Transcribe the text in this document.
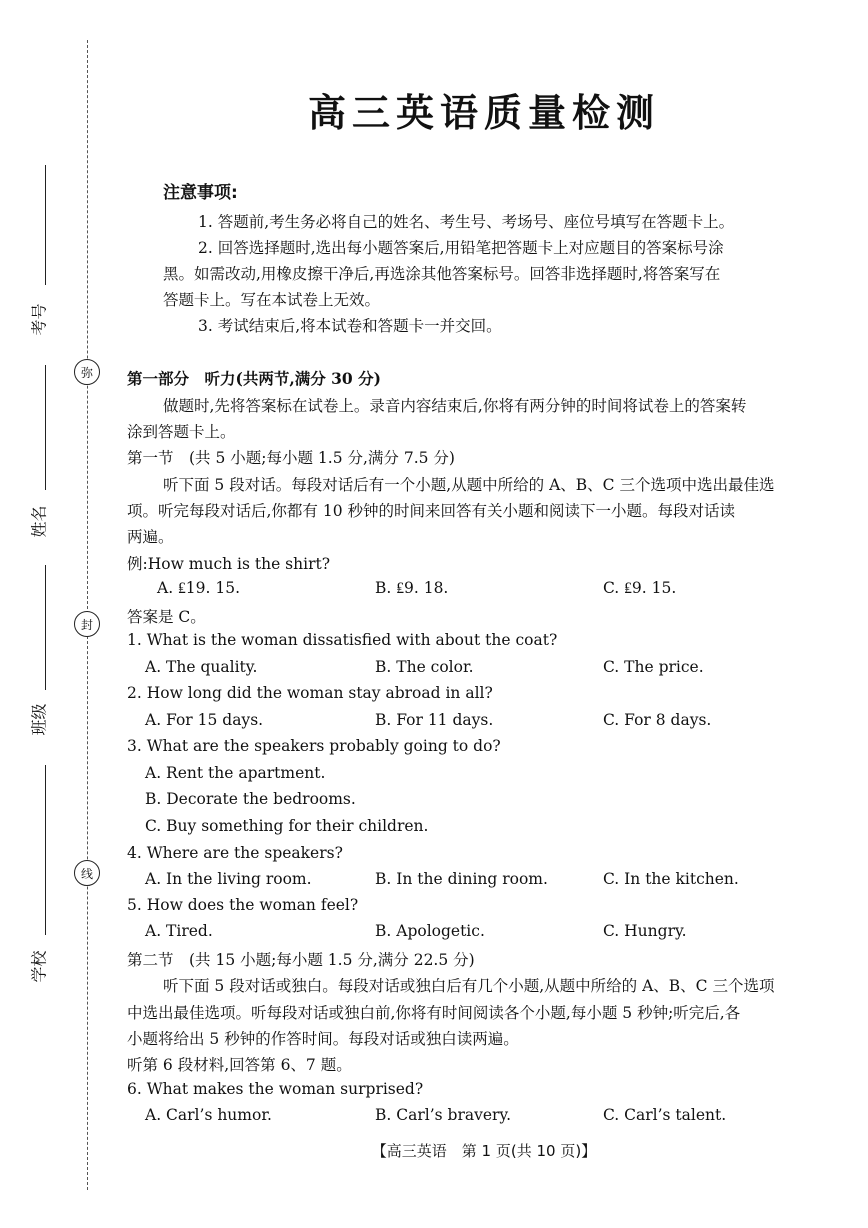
弥
封
线
考号
姓名
班级
学校
高三英语质量检测
注意事项:
1. 答题前,考生务必将自己的姓名、考生号、考场号、座位号填写在答题卡上。
2. 回答选择题时,选出每小题答案后,用铅笔把答题卡上对应题目的答案标号涂
黑。如需改动,用橡皮擦干净后,再选涂其他答案标号。回答非选择题时,将答案写在
答题卡上。写在本试卷上无效。
3. 考试结束后,将本试卷和答题卡一并交回。
第一部分　听力(共两节,满分 30 分)
做题时,先将答案标在试卷上。录音内容结束后,你将有两分钟的时间将试卷上的答案转
涂到答题卡上。
第一节　(共 5 小题;每小题 1.5 分,满分 7.5 分)
听下面 5 段对话。每段对话后有一个小题,从题中所给的 A、B、C 三个选项中选出最佳选
项。听完每段对话后,你都有 10 秒钟的时间来回答有关小题和阅读下一小题。每段对话读
两遍。
例:How much is the shirt?
A. ₤19. 15.	B. ₤9. 18.	C. ₤9. 15.
答案是 C。
1. What is the woman dissatisfied with about the coat?
A. The quality.	B. The color.	C. The price.
2. How long did the woman stay abroad in all?
A. For 15 days.	B. For 11 days.	C. For 8 days.
3. What are the speakers probably going to do?
A. Rent the apartment.
B. Decorate the bedrooms.
C. Buy something for their children.
4. Where are the speakers?
A. In the living room.	B. In the dining room.	C. In the kitchen.
5. How does the woman feel?
A. Tired.	B. Apologetic.	C. Hungry.
第二节　(共 15 小题;每小题 1.5 分,满分 22.5 分)
听下面 5 段对话或独白。每段对话或独白后有几个小题,从题中所给的 A、B、C 三个选项
中选出最佳选项。听每段对话或独白前,你将有时间阅读各个小题,每小题 5 秒钟;听完后,各
小题将给出 5 秒钟的作答时间。每段对话或独白读两遍。
听第 6 段材料,回答第 6、7 题。
6. What makes the woman surprised?
A. Carl’s humor.	B. Carl’s bravery.	C. Carl’s talent.
【高三英语　第 1 页(共 10 页)】
